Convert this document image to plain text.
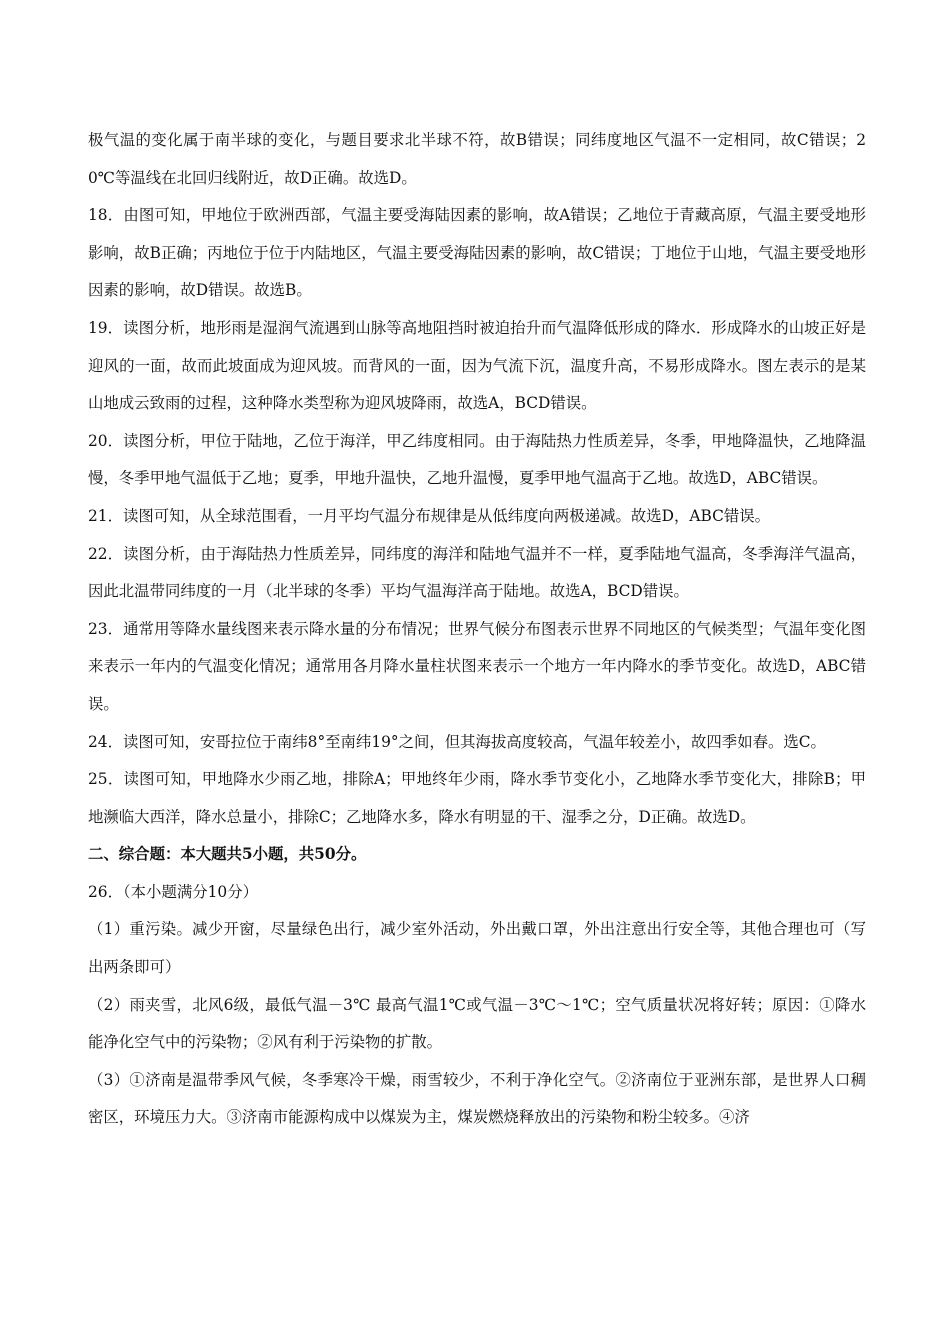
极气温的变化属于南半球的变化，与题目要求北半球不符，故B错误；同纬度地区气温不一定相同，故C错误；20℃等温线在北回归线附近，故D正确。故选D。

18．由图可知，甲地位于欧洲西部，气温主要受海陆因素的影响，故A错误；乙地位于青藏高原，气温主要受地形影响，故B正确；丙地位于位于内陆地区，气温主要受海陆因素的影响，故C错误；丁地位于山地，气温主要受地形因素的影响，故D错误。故选B。

19．读图分析，地形雨是湿润气流遇到山脉等高地阻挡时被迫抬升而气温降低形成的降水．形成降水的山坡正好是迎风的一面，故而此坡面成为迎风坡。而背风的一面，因为气流下沉，温度升高，不易形成降水。图左表示的是某山地成云致雨的过程，这种降水类型称为迎风坡降雨，故选A，BCD错误。

20．读图分析，甲位于陆地，乙位于海洋，甲乙纬度相同。由于海陆热力性质差异，冬季，甲地降温快，乙地降温慢，冬季甲地气温低于乙地；夏季，甲地升温快，乙地升温慢，夏季甲地气温高于乙地。故选D，ABC错误。

21．读图可知，从全球范围看，一月平均气温分布规律是从低纬度向两极递减。故选D，ABC错误。

22．读图分析，由于海陆热力性质差异，同纬度的海洋和陆地气温并不一样，夏季陆地气温高，冬季海洋气温高，因此北温带同纬度的一月（北半球的冬季）平均气温海洋高于陆地。故选A，BCD错误。

23．通常用等降水量线图来表示降水量的分布情况；世界气候分布图表示世界不同地区的气候类型；气温年变化图来表示一年内的气温变化情况；通常用各月降水量柱状图来表示一个地方一年内降水的季节变化。故选D，ABC错误。

24．读图可知，安哥拉位于南纬8°至南纬19°之间，但其海拔高度较高，气温年较差小，故四季如春。选C。

25．读图可知，甲地降水少雨乙地，排除A；甲地终年少雨，降水季节变化小，乙地降水季节变化大，排除B；甲地濒临大西洋，降水总量小，排除C；乙地降水多，降水有明显的干、湿季之分，D正确。故选D。

二、综合题：本大题共5小题，共50分。

26．（本小题满分10分）

（1）重污染。减少开窗，尽量绿色出行，减少室外活动，外出戴口罩，外出注意出行安全等，其他合理也可（写出两条即可）

（2）雨夹雪，北风6级，最低气温－3℃ 最高气温1℃或气温－3℃～1℃；空气质量状况将好转；原因：①降水能净化空气中的污染物；②风有利于污染物的扩散。

（3）①济南是温带季风气候，冬季寒冷干燥，雨雪较少，不利于净化空气。②济南位于亚洲东部，是世界人口稠密区，环境压力大。③济南市能源构成中以煤炭为主，煤炭燃烧释放出的污染物和粉尘较多。④济
